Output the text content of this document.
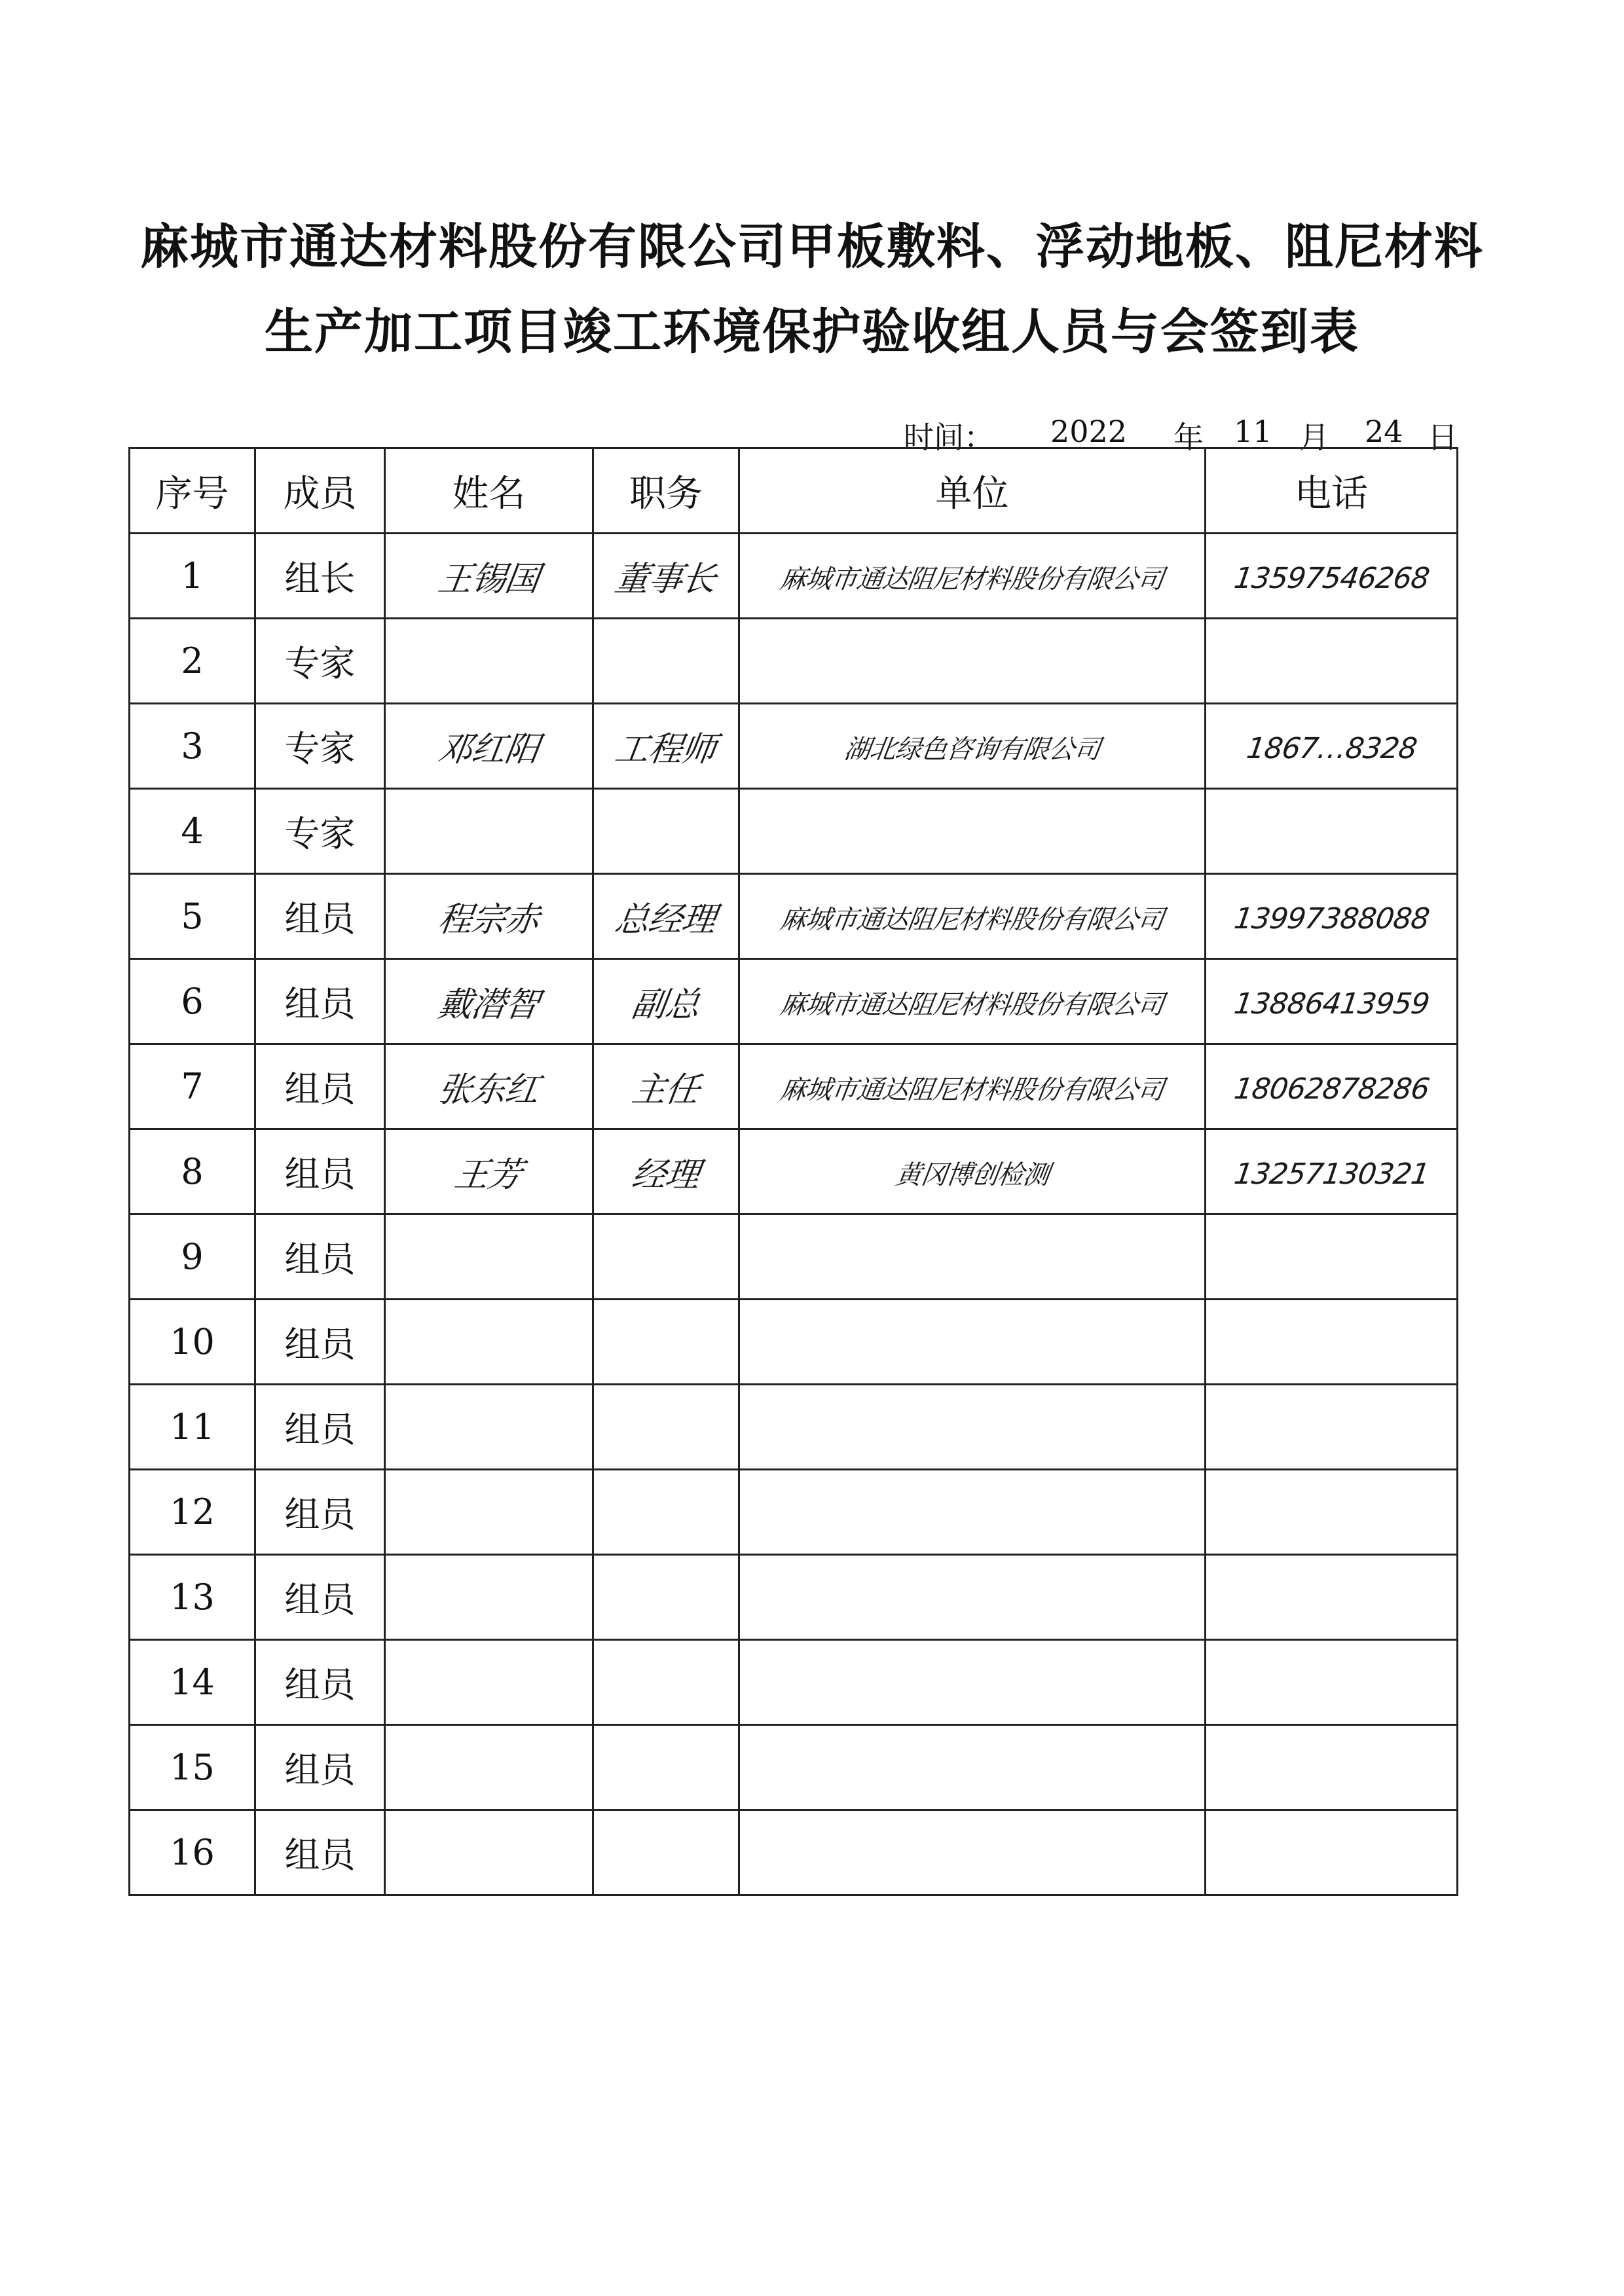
麻城市通达材料股份有限公司甲板敷料、浮动地板、阻尼材料
生产加工项目竣工环境保护验收组人员与会签到表
时间： 2022 年 11 月 24 日
序号	成员	姓名	职务	单位	电话
1	组长	王锡国	董事长	麻城市通达阻尼材料股份有限公司	13597546268
2	专家				
3	专家	邓红阳	工程师	湖北绿色咨询有限公司	1867…8328
4	专家				
5	组员	程宗赤	总经理	麻城市通达阻尼材料股份有限公司	13997388088
6	组员	戴潜智	副总	麻城市通达阻尼材料股份有限公司	13886413959
7	组员	张东红	主任	麻城市通达阻尼材料股份有限公司	18062878286
8	组员	王芳	经理	黄冈博创检测	13257130321
9	组员				
10	组员				
11	组员				
12	组员				
13	组员				
14	组员				
15	组员				
16	组员				
